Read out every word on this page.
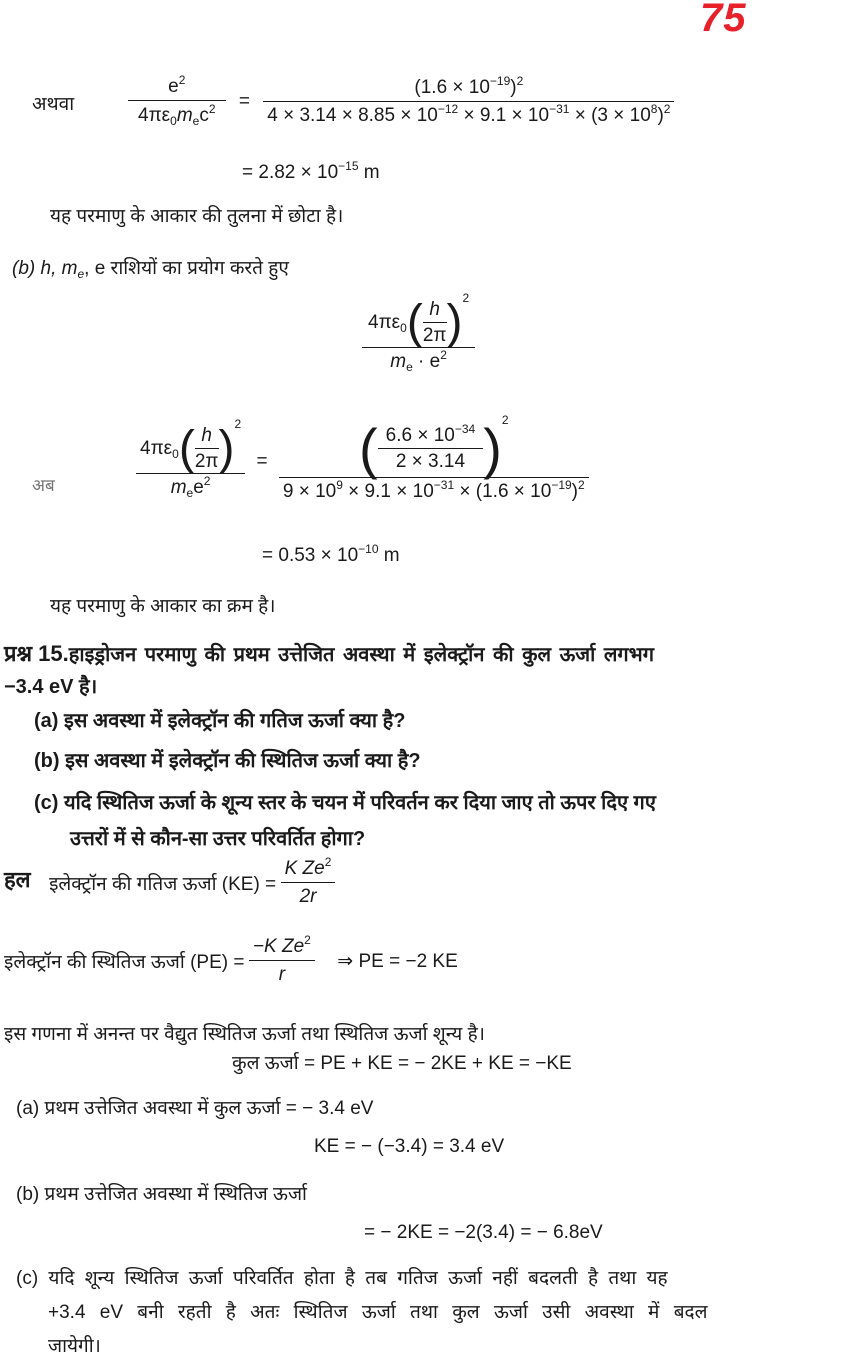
75
अथवा	$\frac{e^2}{4\pi\varepsilon_0m_ec^2} = \frac{(1.6 \times 10^{-19})^2}{4 \times 3.14 \times 8.85 \times 10^{-12} \times 9.1 \times 10^{-31} \times (3 \times 10^8)^2}$
= $2.82 \times 10^{-15}$ m
यह परमाणु के आकार की तुलना में छोटा है।
(b) h, $m_e$, e राशियों का प्रयोग करते हुए
$\frac{4\pi\varepsilon_0( \frac{h}{2\pi} )^2}{m_e \cdot e^2}$
अब	$\frac{4\pi\varepsilon_0( \frac{h}{2\pi} )^2}{m_ee^2} = \frac{( \frac{6.6 \times 10^{-34}}{2 \times 3.14} )^2}{9 \times 10^9 \times 9.1 \times 10^{-31} \times (1.6 \times 10^{-19})^2}$
= $0.53 \times 10^{-10}$ m
यह परमाणु के आकार का क्रम है।
प्रश्न 15.हाइड्रोजन परमाणु की प्रथम उत्तेजित अवस्था में इलेक्ट्रॉन की कुल ऊर्जा लगभग
−3.4 eV है।
(a) इस अवस्था में इलेक्ट्रॉन की गतिज ऊर्जा क्या है?
(b) इस अवस्था में इलेक्ट्रॉन की स्थितिज ऊर्जा क्या है?
(c) यदि स्थितिज ऊर्जा के शून्य स्तर के चयन में परिवर्तन कर दिया जाए तो ऊपर दिए गए
उत्तरों में से कौन-सा उत्तर परिवर्तित होगा?
हल इलेक्ट्रॉन की गतिज ऊर्जा $(KE) = \frac{K Ze^2}{2r}$
इलेक्ट्रॉन की स्थितिज ऊर्जा $(PE) = \frac{-K Ze^2}{r}$ ⇒ PE = −2 KE
इस गणना में अनन्त पर वैद्युत स्थितिज ऊर्जा तथा स्थितिज ऊर्जा शून्य है।
कुल ऊर्जा = PE + KE = − 2KE + KE = −KE
(a) प्रथम उत्तेजित अवस्था में कुल ऊर्जा = − 3.4 eV
KE = − (−3.4) = 3.4 eV
(b) प्रथम उत्तेजित अवस्था में स्थितिज ऊर्जा
= − 2KE = −2(3.4) = − 6.8eV
(c) यदि शून्य स्थितिज ऊर्जा परिवर्तित होता है तब गतिज ऊर्जा नहीं बदलती है तथा यह
+3.4 eV बनी रहती है अतः स्थितिज ऊर्जा तथा कुल ऊर्जा उसी अवस्था में बदल
जायेगी।
